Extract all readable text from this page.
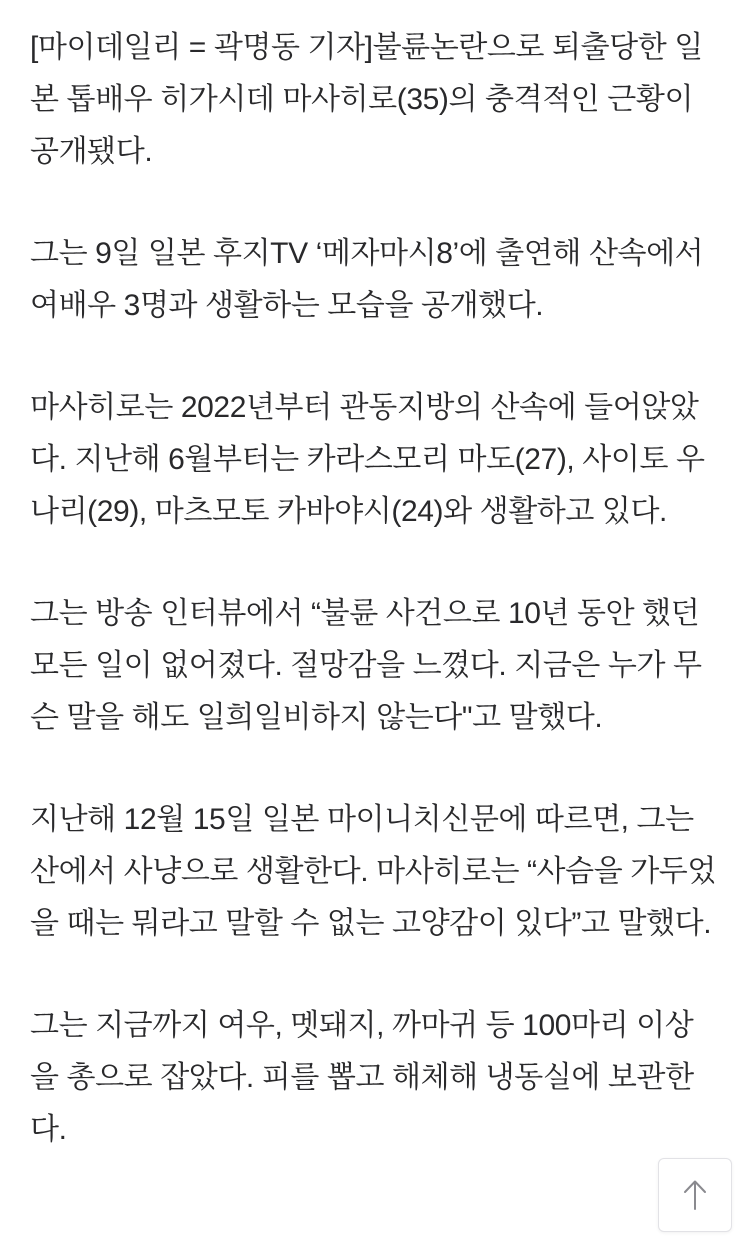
[마이데일리 = 곽명동 기자]불륜논란으로 퇴출당한 일본 톱배우 히가시데 마사히로(35)의 충격적인 근황이 공개됐다.

그는 9일 일본 후지TV ‘메자마시8’에 출연해 산속에서 여배우 3명과 생활하는 모습을 공개했다.

마사히로는 2022년부터 관동지방의 산속에 들어앉았다. 지난해 6월부터는 카라스모리 마도(27), 사이토 우나리(29), 마츠모토 카바야시(24)와 생활하고 있다.

그는 방송 인터뷰에서 “불륜 사건으로 10년 동안 했던 모든 일이 없어졌다. 절망감을 느꼈다. 지금은 누가 무슨 말을 해도 일희일비하지 않는다"고 말했다.

지난해 12월 15일 일본 마이니치신문에 따르면, 그는 산에서 사냥으로 생활한다. 마사히로는 “사슴을 가두었을 때는 뭐라고 말할 수 없는 고양감이 있다”고 말했다.

그는 지금까지 여우, 멧돼지, 까마귀 등 100마리 이상을 총으로 잡았다. 피를 뽑고 해체해 냉동실에 보관한다.
